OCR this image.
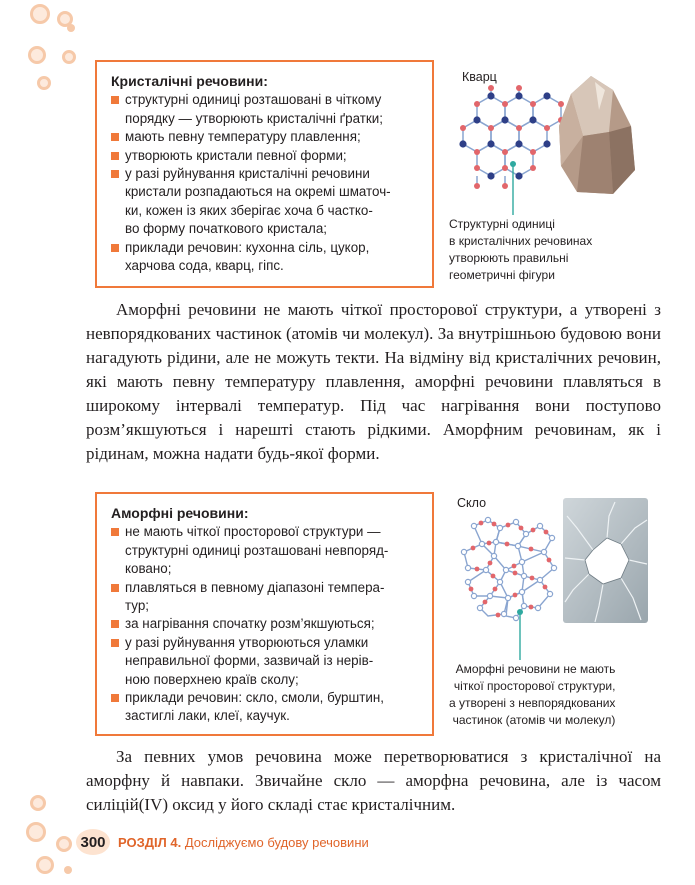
Кристалічні речовини:
структурні одиниці розташовані в чіткому
порядку — утворюють кристалічні ґратки;
мають певну температуру плавлення;
утворюють кристали певної форми;
у разі руйнування кристалічні речовини
кристали розпадаються на окремі шматоч-
ки, кожен із яких зберігає хоча б частко-
во форму початкового кристала;
приклади речовин: кухонна сіль, цукор,
харчова сода, кварц, гіпс.
Кварц
Структурні одиниці
в кристалічних речовинах
утворюють правильні
геометричні фігури

Аморфні речовини не мають чіткої просторової структури, а утворені з невпорядкованих частинок (атомів чи молекул). За внутрішньою будовою вони нагадують рідини, але не можуть текти. На відміну від кристалічних речовин, які мають певну температуру плавлення, аморфні речовини плавляться в широкому інтервалі температур. Під час нагрівання вони поступово розм’якшуються і нарешті стають рідкими. Аморфним речовинам, як і рідинам, можна надати будь-якої форми.

Аморфні речовини:
не мають чіткої просторової структури —
структурні одиниці розташовані невпоряд-
ковано;
плавляться в певному діапазоні темпера-
тур;
за нагрівання спочатку розм’якшуються;
у разі руйнування утворюються уламки
неправильної форми, зазвичай із нерів-
ною поверхнею країв сколу;
приклади речовин: скло, смоли, бурштин,
застиглі лаки, клеї, каучук.
Скло
Аморфні речовини не мають
чіткої просторової структури,
а утворені з невпорядкованих
частинок (атомів чи молекул)

За певних умов речовина може перетворюватися з кристалічної на аморфну й навпаки. Звичайне скло — аморфна речовина, але із часом силіцій(IV) оксид у його складі стає кристалічним.

300 РОЗДІЛ 4. Досліджуємо будову речовини
